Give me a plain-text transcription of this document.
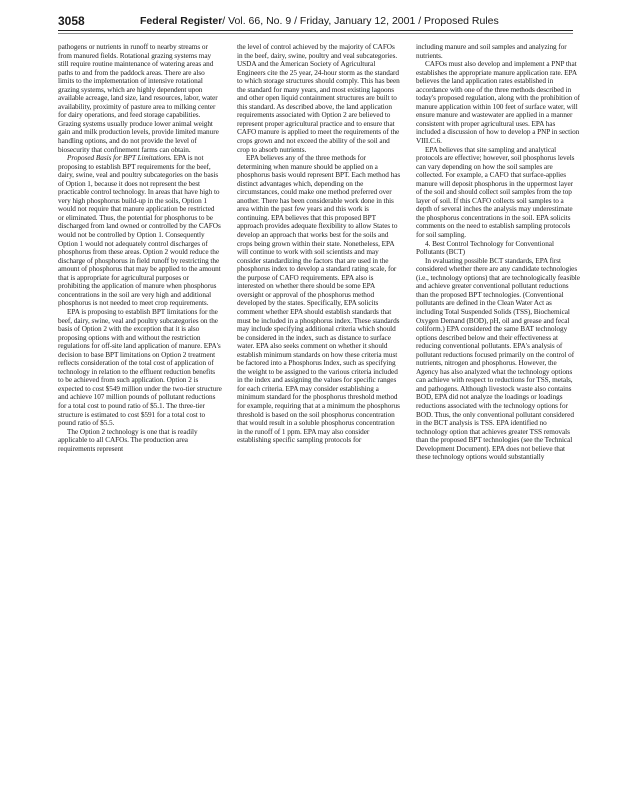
3058	Federal Register/ Vol. 66, No. 9 / Friday, January 12, 2001 / Proposed Rules

pathogens or nutrients in runoff to nearby streams or from manured fields. Rotational grazing systems may still require routine maintenance of watering areas and paths to and from the paddock areas. There are also limits to the implementation of intensive rotational grazing systems, which are highly dependent upon available acreage, land size, land resources, labor, water availability, proximity of pasture area to milking center for dairy operations, and feed storage capabilities. Grazing systems usually produce lower animal weight gain and milk production levels, provide limited manure handling options, and do not provide the level of biosecurity that confinement farms can obtain.

Proposed Basis for BPT Limitations. EPA is not proposing to establish BPT requirements for the beef, dairy, swine, veal and poultry subcategories on the basis of Option 1, because it does not represent the best practicable control technology. In areas that have high to very high phosphorus build-up in the soils, Option 1 would not require that manure application be restricted or eliminated. Thus, the potential for phosphorus to be discharged from land owned or controlled by the CAFOs would not be controlled by Option 1. Consequently Option 1 would not adequately control discharges of phosphorus from these areas. Option 2 would reduce the discharge of phosphorus in field runoff by restricting the amount of phosphorus that may be applied to the amount that is appropriate for agricultural purposes or prohibiting the application of manure when phosphorus concentrations in the soil are very high and additional phosphorus is not needed to meet crop requirements.

EPA is proposing to establish BPT limitations for the beef, dairy, swine, veal and poultry subcategories on the basis of Option 2 with the exception that it is also proposing options with and without the restriction regulations for off-site land application of manure. EPA's decision to base BPT limitations on Option 2 treatment reflects consideration of the total cost of application of technology in relation to the effluent reduction benefits to be achieved from such application. Option 2 is expected to cost $549 million under the two-tier structure and achieve 107 million pounds of pollutant reductions for a total cost to pound ratio of $5.1. The three-tier structure is estimated to cost $591 for a total cost to pound ratio of $5.5.

The Option 2 technology is one that is readily applicable to all CAFOs. The production area requirements represent

the level of control achieved by the majority of CAFOs in the beef, dairy, swine, poultry and veal subcategories. USDA and the American Society of Agricultural Engineers cite the 25 year, 24-hour storm as the standard to which storage structures should comply. This has been the standard for many years, and most existing lagoons and other open liquid containment structures are built to this standard. As described above, the land application requirements associated with Option 2 are believed to represent proper agricultural practice and to ensure that CAFO manure is applied to meet the requirements of the crops grown and not exceed the ability of the soil and crop to absorb nutrients.

EPA believes any of the three methods for determining when manure should be applied on a phosphorus basis would represent BPT. Each method has distinct advantages which, depending on the circumstances, could make one method preferred over another. There has been considerable work done in this area within the past few years and this work is continuing. EPA believes that this proposed BPT approach provides adequate flexibility to allow States to develop an approach that works best for the soils and crops being grown within their state. Nonetheless, EPA will continue to work with soil scientists and may consider standardizing the factors that are used in the phosphorus index to develop a standard rating scale, for the purpose of CAFO requirements. EPA also is interested on whether there should be some EPA oversight or approval of the phosphorus method developed by the states. Specifically, EPA solicits comment whether EPA should establish standards that must be included in a phosphorus index. These standards may include specifying additional criteria which should be considered in the index, such as distance to surface water. EPA also seeks comment on whether it should establish minimum standards on how these criteria must be factored into a Phosphorus Index, such as specifying the weight to be assigned to the various criteria included in the index and assigning the values for specific ranges for each criteria. EPA may consider establishing a minimum standard for the phosphorus threshold method for example, requiring that at a minimum the phosphorus threshold is based on the soil phosphorus concentration that would result in a soluble phosphorus concentration in the runoff of 1 ppm. EPA may also consider establishing specific sampling protocols for

including manure and soil samples and analyzing for nutrients.

CAFOs must also develop and implement a PNP that establishes the appropriate manure application rate. EPA believes the land application rates established in accordance with one of the three methods described in today's proposed regulation, along with the prohibition of manure application within 100 feet of surface water, will ensure manure and wastewater are applied in a manner consistent with proper agricultural uses. EPA has included a discussion of how to develop a PNP in section VIII.C.6.

EPA believes that site sampling and analytical protocols are effective; however, soil phosphorus levels can vary depending on how the soil samples are collected. For example, a CAFO that surface-applies manure will deposit phosphorus in the uppermost layer of the soil and should collect soil samples from the top layer of soil. If this CAFO collects soil samples to a depth of several inches the analysis may underestimate the phosphorus concentrations in the soil. EPA solicits comments on the need to establish sampling protocols for soil sampling.

4. Best Control Technology for Conventional Pollutants (BCT)

In evaluating possible BCT standards, EPA first considered whether there are any candidate technologies (i.e., technology options) that are technologically feasible and achieve greater conventional pollutant reductions than the proposed BPT technologies. (Conventional pollutants are defined in the Clean Water Act as including Total Suspended Solids (TSS), Biochemical Oxygen Demand (BOD), pH, oil and grease and fecal coliform.) EPA considered the same BAT technology options described below and their effectiveness at reducing conventional pollutants. EPA's analysis of pollutant reductions focused primarily on the control of nutrients, nitrogen and phosphorus. However, the Agency has also analyzed what the technology options can achieve with respect to reductions for TSS, metals, and pathogens. Although livestock waste also contains BOD, EPA did not analyze the loadings or loadings reductions associated with the technology options for BOD. Thus, the only conventional pollutant considered in the BCT analysis is TSS. EPA identified no technology option that achieves greater TSS removals than the proposed BPT technologies (see the Technical Development Document). EPA does not believe that these technology options would substantially
